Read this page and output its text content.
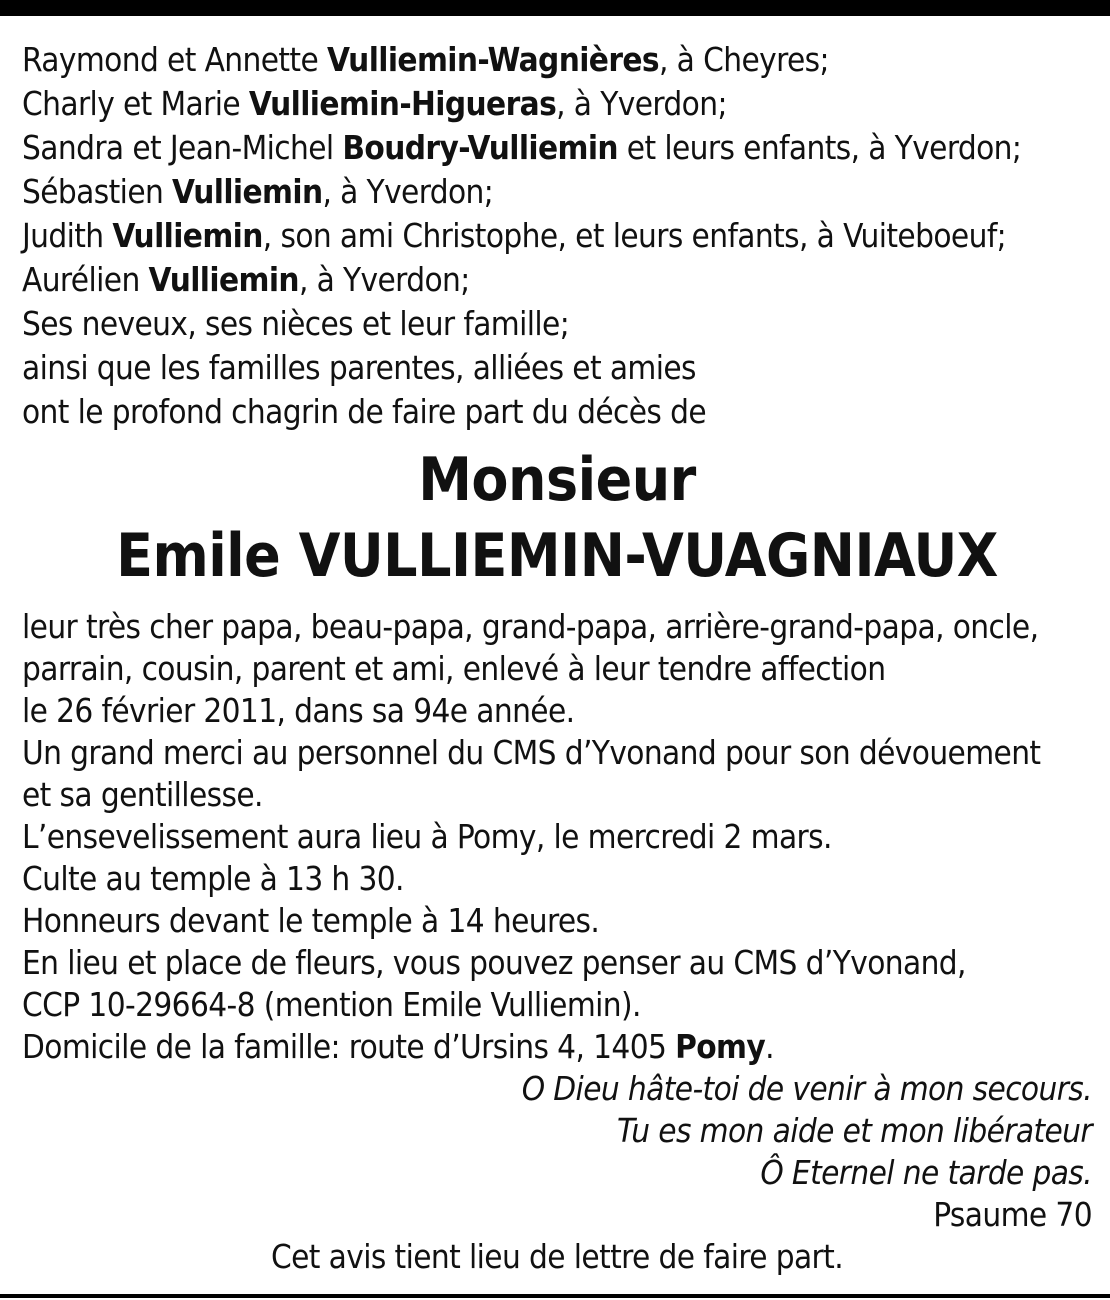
Raymond et Annette Vulliemin-Wagnières, à Cheyres;
Charly et Marie Vulliemin-Higueras, à Yverdon;
Sandra et Jean-Michel Boudry-Vulliemin et leurs enfants, à Yverdon;
Sébastien Vulliemin, à Yverdon;
Judith Vulliemin, son ami Christophe, et leurs enfants, à Vuiteboeuf;
Aurélien Vulliemin, à Yverdon;
Ses neveux, ses nièces et leur famille;
ainsi que les familles parentes, alliées et amies
ont le profond chagrin de faire part du décès de
Monsieur
Emile VULLIEMIN-VUAGNIAUX
leur très cher papa, beau-papa, grand-papa, arrière-grand-papa, oncle,
parrain, cousin, parent et ami, enlevé à leur tendre affection
le 26 février 2011, dans sa 94e année.
Un grand merci au personnel du CMS d’Yvonand pour son dévouement
et sa gentillesse.
L’ensevelissement aura lieu à Pomy, le mercredi 2 mars.
Culte au temple à 13 h 30.
Honneurs devant le temple à 14 heures.
En lieu et place de fleurs, vous pouvez penser au CMS d’Yvonand,
CCP 10-29664-8 (mention Emile Vulliemin).
Domicile de la famille: route d’Ursins 4, 1405 Pomy.
O Dieu hâte-toi de venir à mon secours.
Tu es mon aide et mon libérateur
Ô Eternel ne tarde pas.
Psaume 70
Cet avis tient lieu de lettre de faire part.
